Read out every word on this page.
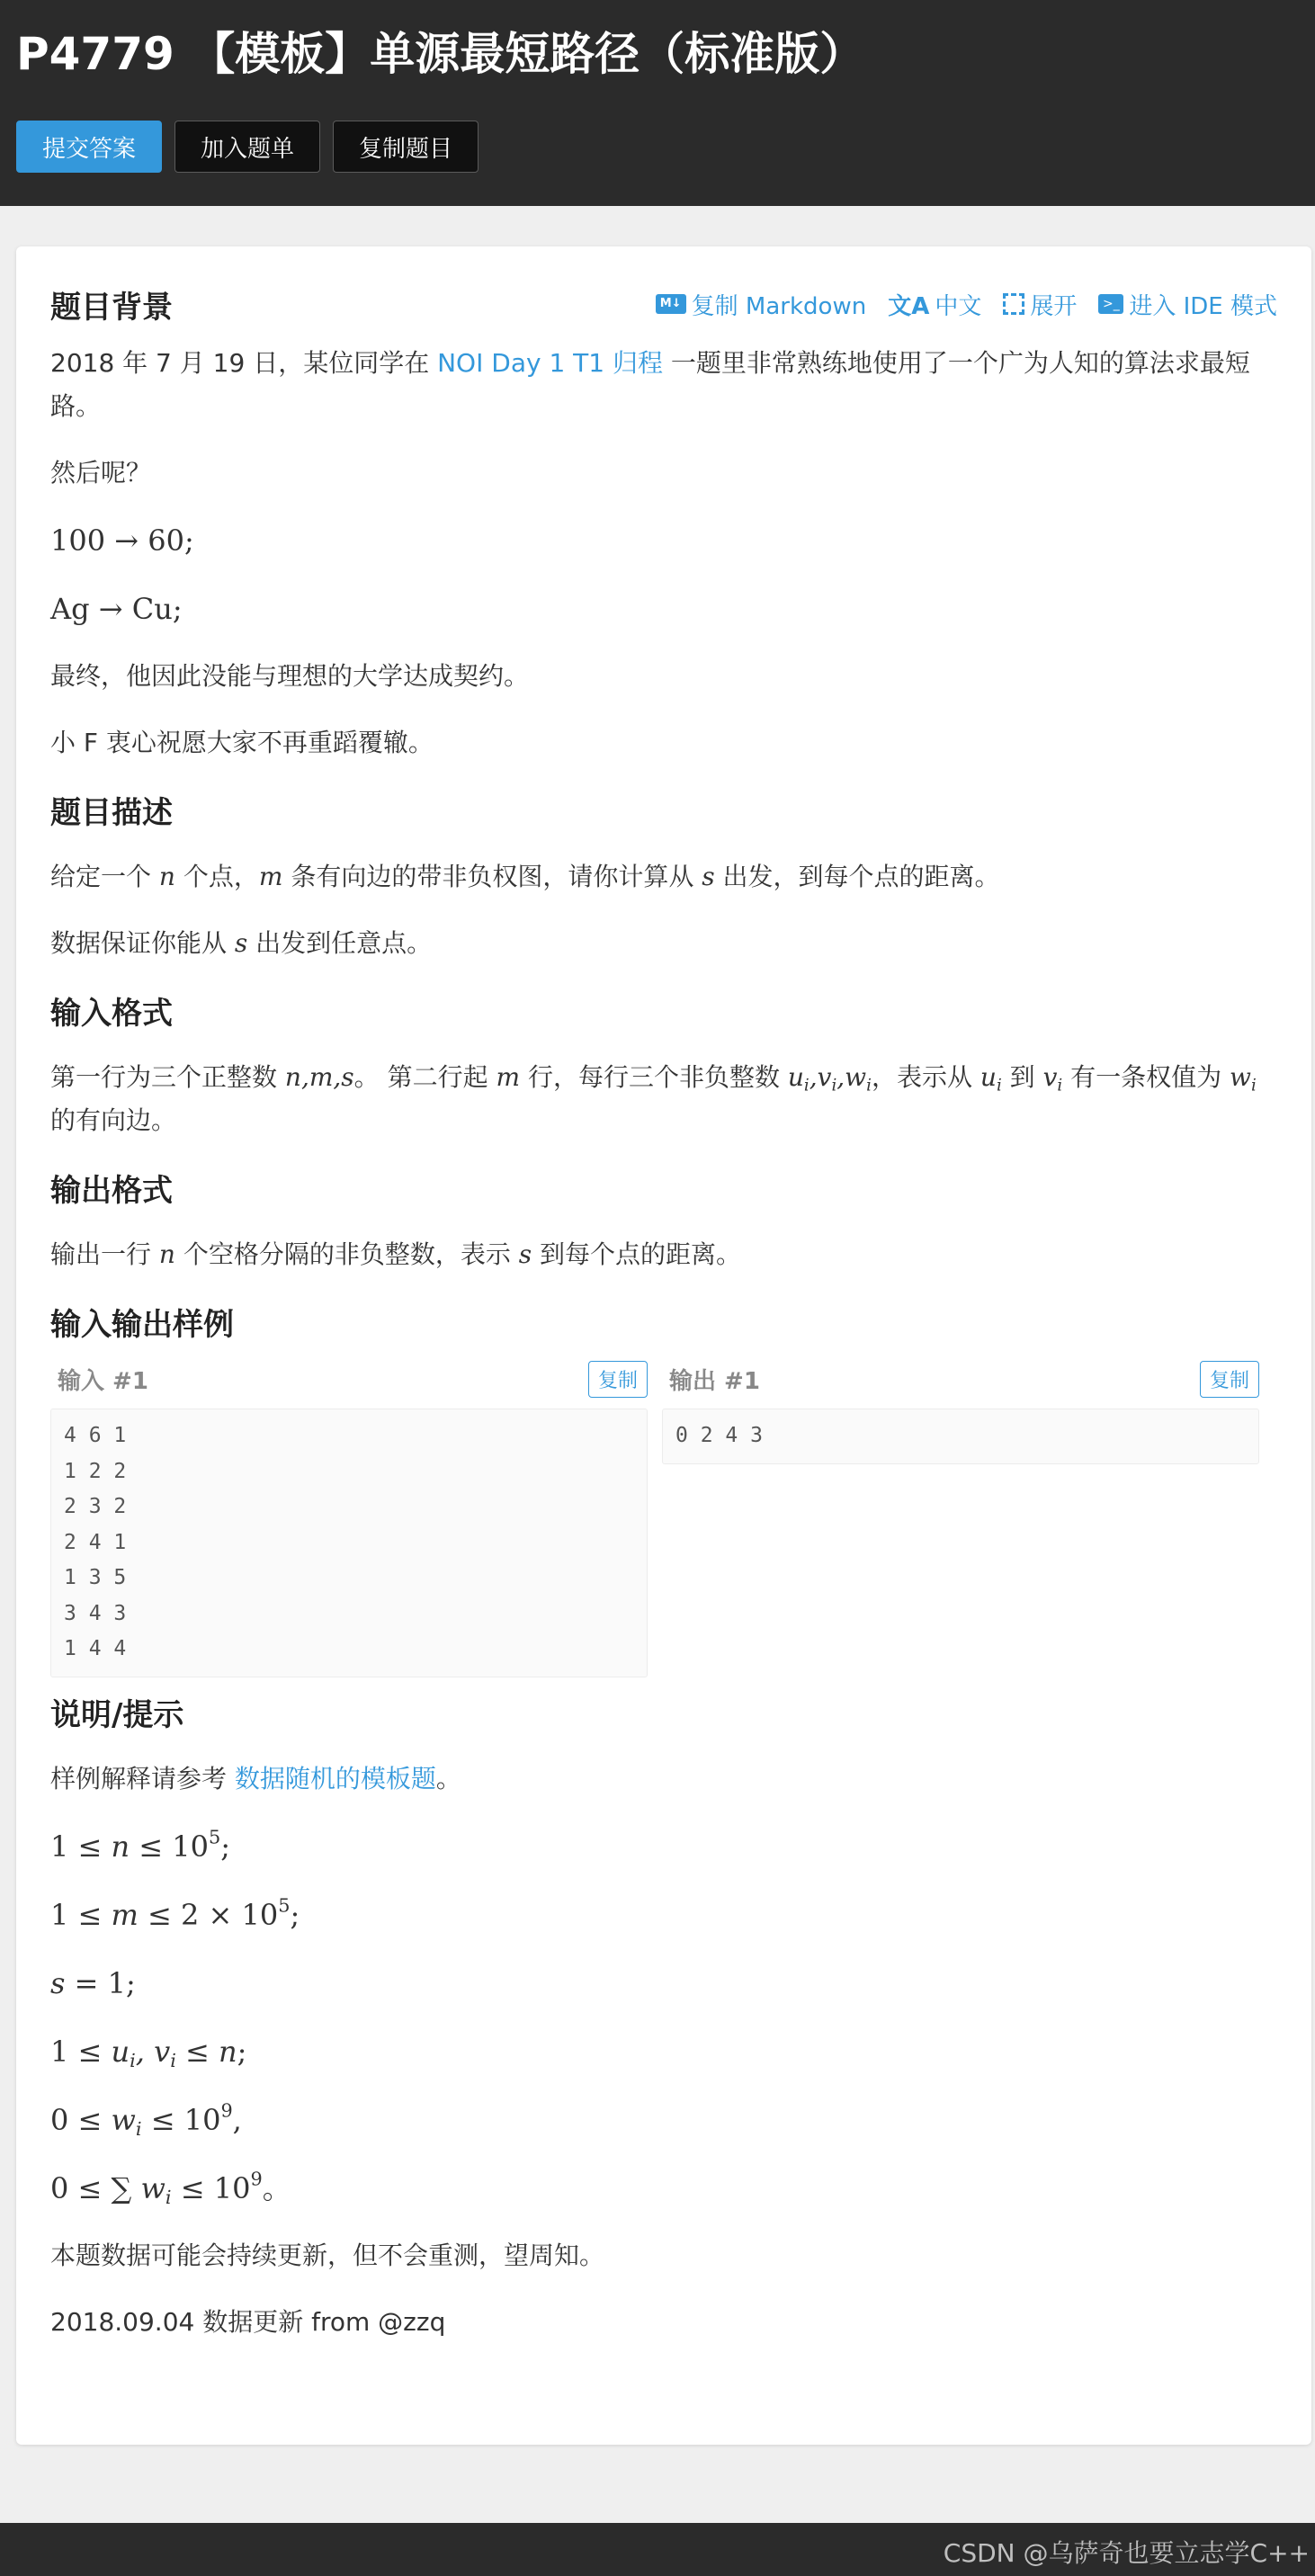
P4779 【模板】单源最短路径（标准版）
提交答案	加入题单	复制题目
题目背景	M↓ 复制 Markdown 文A 中文 展开	>_ 进入 IDE 模式

2018 年 7 月 19 日，某位同学在 NOI Day 1 T1 归程 一题里非常熟练地使用了一个广为人知的算法求最短路。

然后呢？

100 → 60;
Ag → Cu;

最终，他因此没能与理想的大学达成契约。

小 F 衷心祝愿大家不再重蹈覆辙。

题目描述

给定一个 n 个点，m 条有向边的带非负权图，请你计算从 s 出发，到每个点的距离。

数据保证你能从 s 出发到任意点。

输入格式

第一行为三个正整数 n,m,s。 第二行起 m 行，每行三个非负整数 $u_i,v_i,w_i$，表示从 $u_i$ 到 $v_i$ 有一条权值为 $w_i$ 的有向边。

输出格式

输出一行 n 个空格分隔的非负整数，表示 s 到每个点的距离。

输入输出样例
输入 #1	复制
4 6 1
1 2 2
2 3 2
2 4 1
1 3 5
3 4 3
1 4 4
输出 #1	复制
0 2 4 3
说明/提示

样例解释请参考 数据随机的模板题。

$1 \le n \le 10^5$;
$1 \le m \le 2 \times 10^5$;
s = 1;
$1 \le u_i$, $v_i \le n$;
$0 \le w_i \le 10^9$,
0 ≤ ∑ $w_i \le 10^9$。

本题数据可能会持续更新，但不会重测，望周知。

2018.09.04 数据更新 from @zzq

CSDN @乌萨奇也要立志学C++
